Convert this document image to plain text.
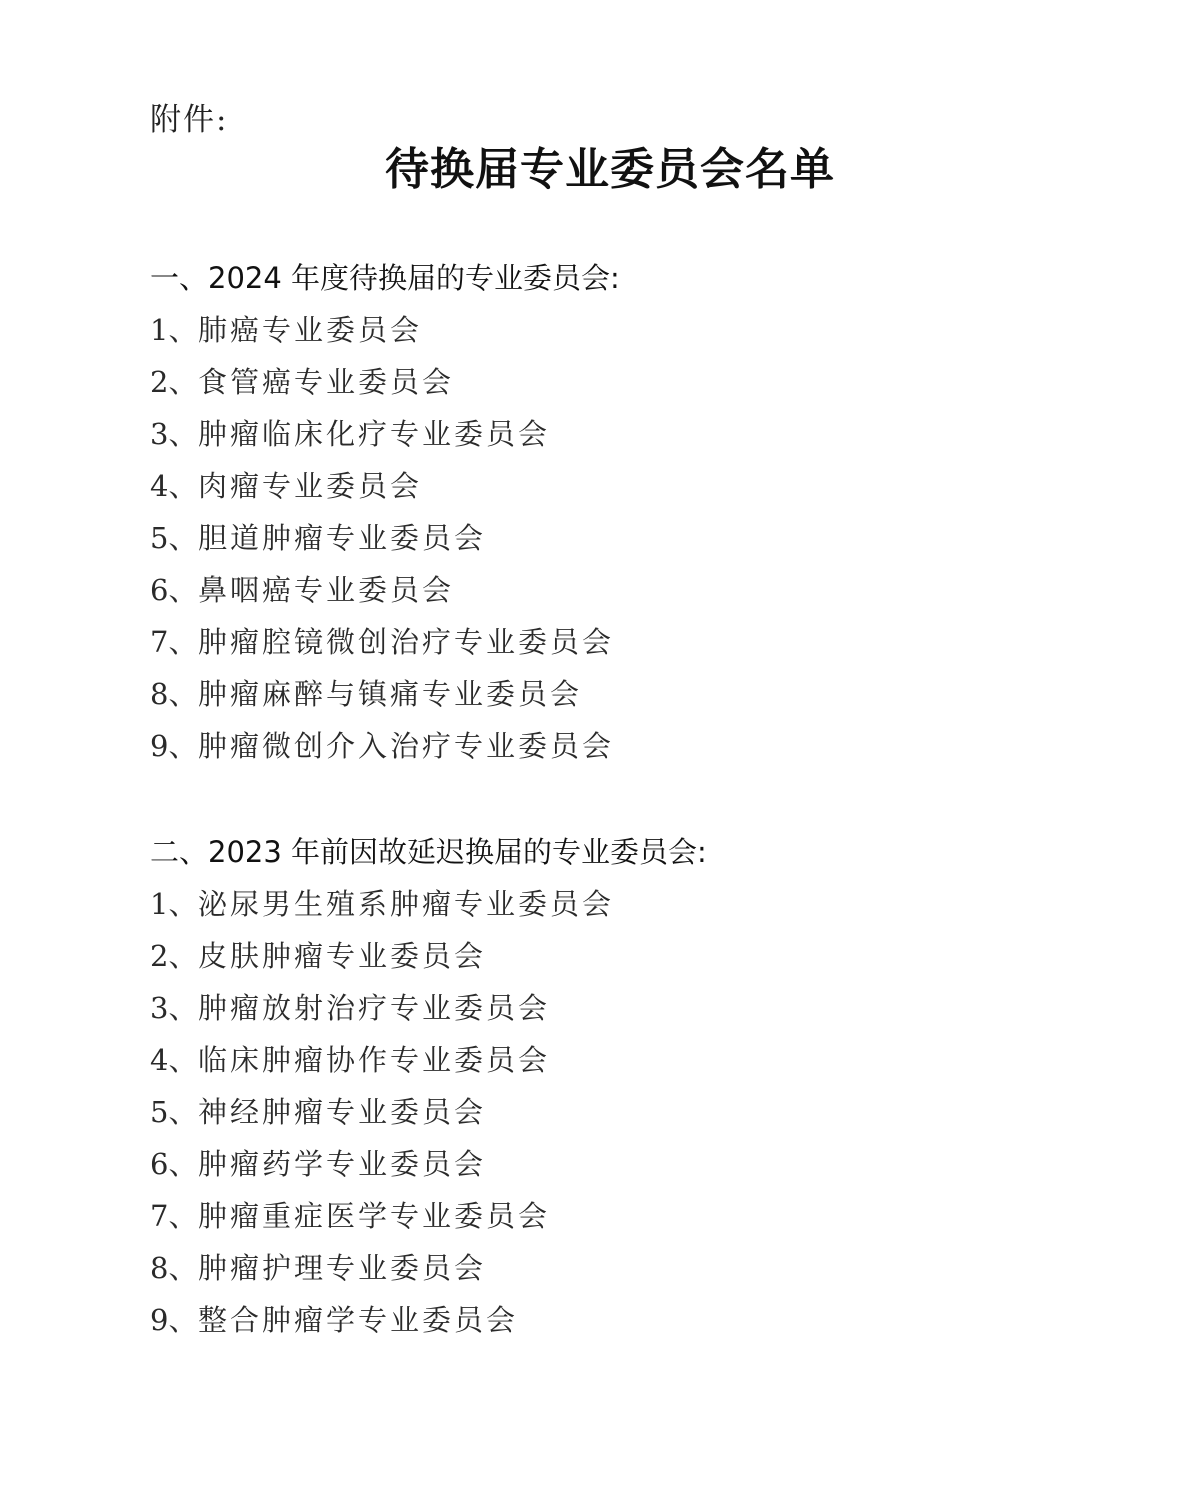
附件:
待换届专业委员会名单
一、2024 年度待换届的专业委员会:
1、肺癌专业委员会
2、食管癌专业委员会
3、肿瘤临床化疗专业委员会
4、肉瘤专业委员会
5、胆道肿瘤专业委员会
6、鼻咽癌专业委员会
7、肿瘤腔镜微创治疗专业委员会
8、肿瘤麻醉与镇痛专业委员会
9、肿瘤微创介入治疗专业委员会
二、2023 年前因故延迟换届的专业委员会:
1、泌尿男生殖系肿瘤专业委员会
2、皮肤肿瘤专业委员会
3、肿瘤放射治疗专业委员会
4、临床肿瘤协作专业委员会
5、神经肿瘤专业委员会
6、肿瘤药学专业委员会
7、肿瘤重症医学专业委员会
8、肿瘤护理专业委员会
9、整合肿瘤学专业委员会
